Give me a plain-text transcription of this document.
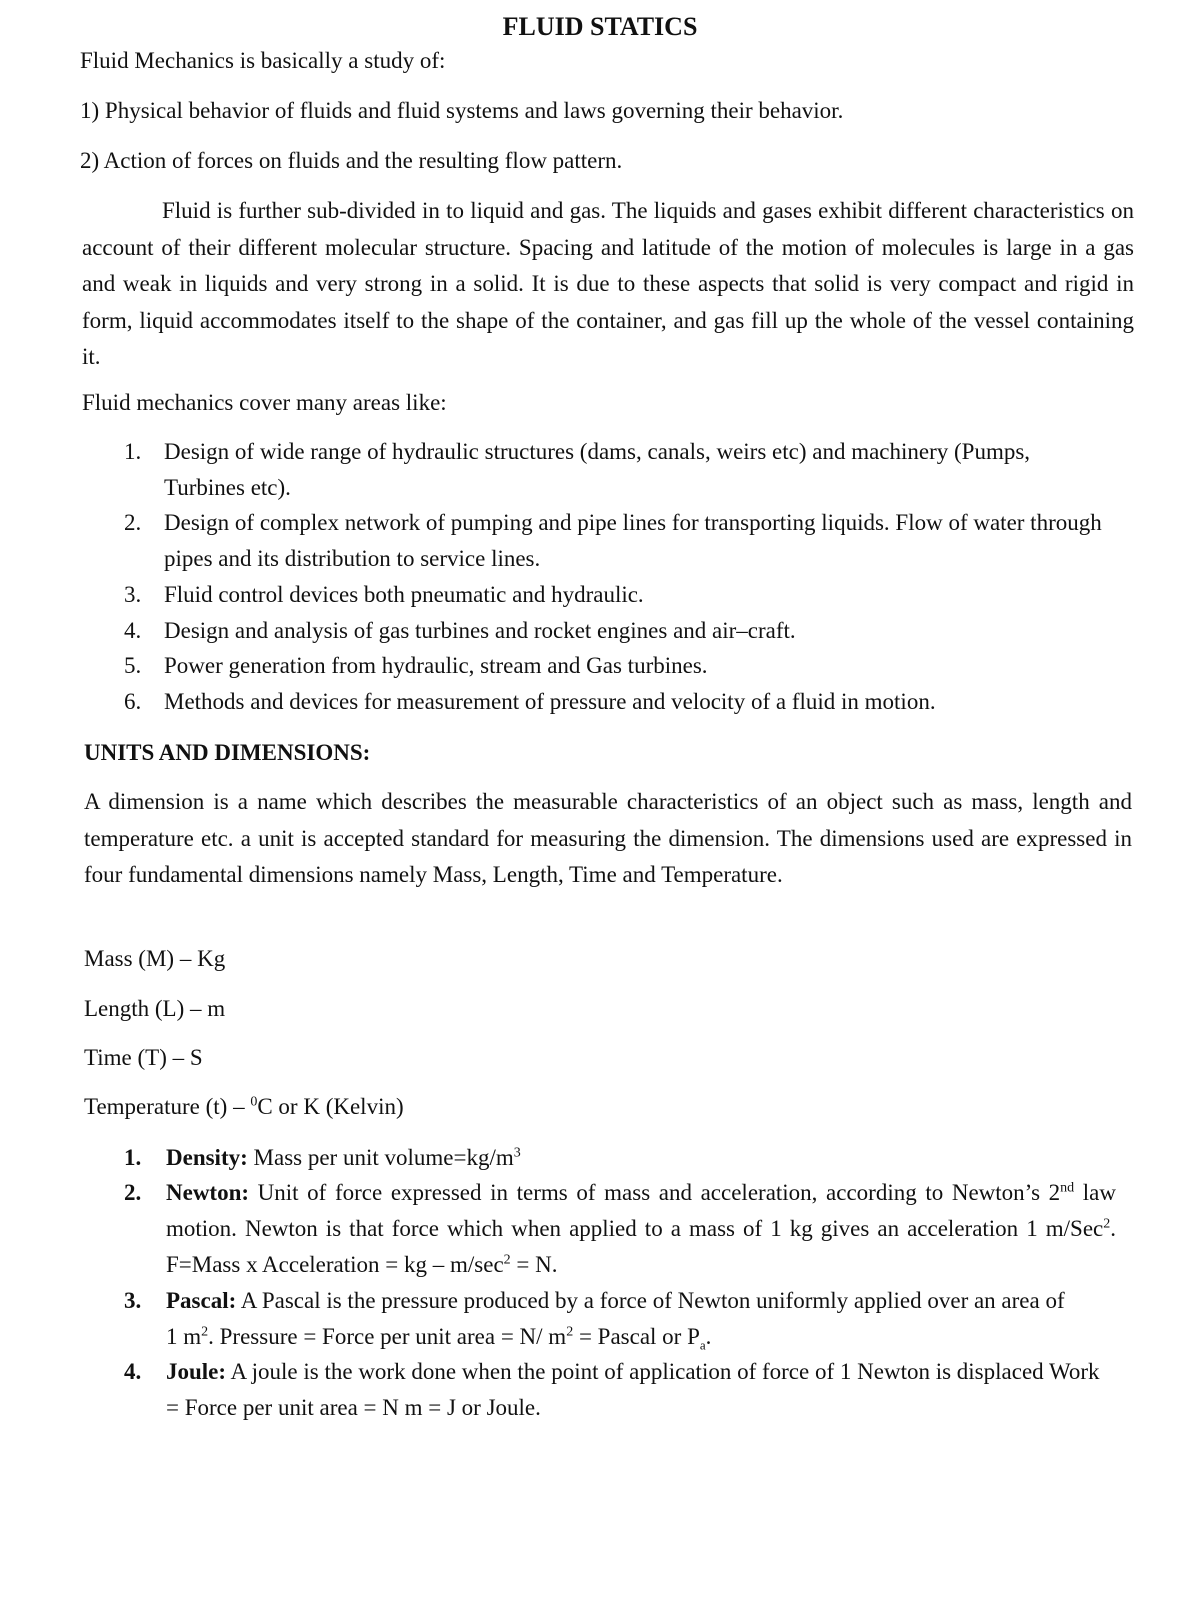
FLUID STATICS
Fluid Mechanics is basically a study of:
1) Physical behavior of fluids and fluid systems and laws governing their behavior.
2) Action of forces on fluids and the resulting flow pattern.
Fluid is further sub-divided in to liquid and gas. The liquids and gases exhibit different characteristics on account of their different molecular structure. Spacing and latitude of the motion of molecules is large in a gas and weak in liquids and very strong in a solid. It is due to these aspects that solid is very compact and rigid in form, liquid accommodates itself to the shape of the container, and gas fill up the whole of the vessel containing it.
Fluid mechanics cover many areas like:
1. Design of wide range of hydraulic structures (dams, canals, weirs etc) and machinery (Pumps, Turbines etc).
2. Design of complex network of pumping and pipe lines for transporting liquids. Flow of water through pipes and its distribution to service lines.
3. Fluid control devices both pneumatic and hydraulic.
4. Design and analysis of gas turbines and rocket engines and air–craft.
5. Power generation from hydraulic, stream and Gas turbines.
6. Methods and devices for measurement of pressure and velocity of a fluid in motion.
UNITS AND DIMENSIONS:
A dimension is a name which describes the measurable characteristics of an object such as mass, length and temperature etc. a unit is accepted standard for measuring the dimension. The dimensions used are expressed in four fundamental dimensions namely Mass, Length, Time and Temperature.
Mass (M) – Kg
Length (L) – m
Time (T) – S
Temperature (t) – $^0$C or K (Kelvin)
1. Density: Mass per unit $volume=kg/m^3$
2. Newton: Unit of force expressed in terms of mass and acceleration, according to Newton’s 2nd law motion. Newton is that force which when applied to a mass of 1 kg gives an acceleration 1 m/Sec$^2$. F=Mass x Acceleration = kg – $m/\sec^2 = N$.
3. Pascal: A Pascal is the pressure produced by a force of Newton uniformly applied over an area of 1 $m^2$. Pressure = Force per unit area = N/ $m^2$ = Pascal or $P_a$.
4. Joule: A joule is the work done when the point of application of force of 1 Newton is displaced Work = Force per unit area = N m = J or Joule.
